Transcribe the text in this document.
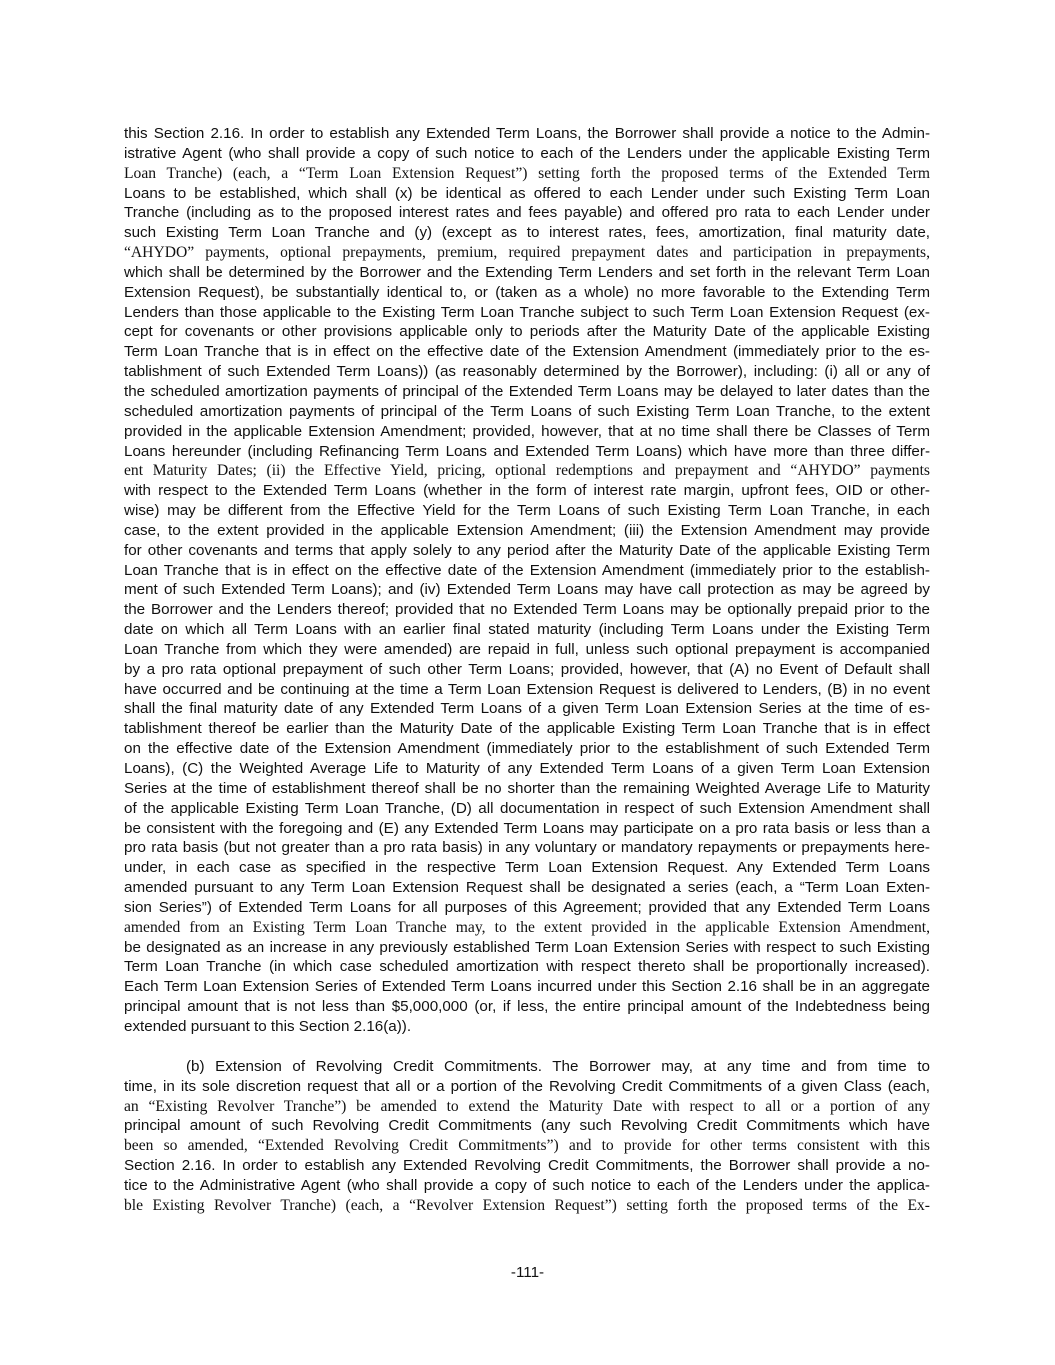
this Section 2.16. In order to establish any Extended Term Loans, the Borrower shall provide a notice to the Admin-
istrative Agent (who shall provide a copy of such notice to each of the Lenders under the applicable Existing Term
Loan Tranche) (each, a “Term Loan Extension Request”) setting forth the proposed terms of the Extended Term
Loans to be established, which shall (x) be identical as offered to each Lender under such Existing Term Loan
Tranche (including as to the proposed interest rates and fees payable) and offered pro rata to each Lender under
such Existing Term Loan Tranche and (y) (except as to interest rates, fees, amortization, final maturity date,
“AHYDO” payments, optional prepayments, premium, required prepayment dates and participation in prepayments,
which shall be determined by the Borrower and the Extending Term Lenders and set forth in the relevant Term Loan
Extension Request), be substantially identical to, or (taken as a whole) no more favorable to the Extending Term
Lenders than those applicable to the Existing Term Loan Tranche subject to such Term Loan Extension Request (ex-
cept for covenants or other provisions applicable only to periods after the Maturity Date of the applicable Existing
Term Loan Tranche that is in effect on the effective date of the Extension Amendment (immediately prior to the es-
tablishment of such Extended Term Loans)) (as reasonably determined by the Borrower), including: (i) all or any of
the scheduled amortization payments of principal of the Extended Term Loans may be delayed to later dates than the
scheduled amortization payments of principal of the Term Loans of such Existing Term Loan Tranche, to the extent
provided in the applicable Extension Amendment; provided, however, that at no time shall there be Classes of Term
Loans hereunder (including Refinancing Term Loans and Extended Term Loans) which have more than three differ-
ent Maturity Dates; (ii) the Effective Yield, pricing, optional redemptions and prepayment and “AHYDO” payments
with respect to the Extended Term Loans (whether in the form of interest rate margin, upfront fees, OID or other-
wise) may be different from the Effective Yield for the Term Loans of such Existing Term Loan Tranche, in each
case, to the extent provided in the applicable Extension Amendment; (iii) the Extension Amendment may provide
for other covenants and terms that apply solely to any period after the Maturity Date of the applicable Existing Term
Loan Tranche that is in effect on the effective date of the Extension Amendment (immediately prior to the establish-
ment of such Extended Term Loans); and (iv) Extended Term Loans may have call protection as may be agreed by
the Borrower and the Lenders thereof; provided that no Extended Term Loans may be optionally prepaid prior to the
date on which all Term Loans with an earlier final stated maturity (including Term Loans under the Existing Term
Loan Tranche from which they were amended) are repaid in full, unless such optional prepayment is accompanied
by a pro rata optional prepayment of such other Term Loans; provided, however, that (A) no Event of Default shall
have occurred and be continuing at the time a Term Loan Extension Request is delivered to Lenders, (B) in no event
shall the final maturity date of any Extended Term Loans of a given Term Loan Extension Series at the time of es-
tablishment thereof be earlier than the Maturity Date of the applicable Existing Term Loan Tranche that is in effect
on the effective date of the Extension Amendment (immediately prior to the establishment of such Extended Term
Loans), (C) the Weighted Average Life to Maturity of any Extended Term Loans of a given Term Loan Extension
Series at the time of establishment thereof shall be no shorter than the remaining Weighted Average Life to Maturity
of the applicable Existing Term Loan Tranche, (D) all documentation in respect of such Extension Amendment shall
be consistent with the foregoing and (E) any Extended Term Loans may participate on a pro rata basis or less than a
pro rata basis (but not greater than a pro rata basis) in any voluntary or mandatory repayments or prepayments here-
under, in each case as specified in the respective Term Loan Extension Request. Any Extended Term Loans
amended pursuant to any Term Loan Extension Request shall be designated a series (each, a “Term Loan Exten-
sion Series”) of Extended Term Loans for all purposes of this Agreement; provided that any Extended Term Loans
amended from an Existing Term Loan Tranche may, to the extent provided in the applicable Extension Amendment,
be designated as an increase in any previously established Term Loan Extension Series with respect to such Existing
Term Loan Tranche (in which case scheduled amortization with respect thereto shall be proportionally increased).
Each Term Loan Extension Series of Extended Term Loans incurred under this Section 2.16 shall be in an aggregate
principal amount that is not less than $5,000,000 (or, if less, the entire principal amount of the Indebtedness being
extended pursuant to this Section 2.16(a)).
(b) Extension of Revolving Credit Commitments. The Borrower may, at any time and from time to
time, in its sole discretion request that all or a portion of the Revolving Credit Commitments of a given Class (each,
an “Existing Revolver Tranche”) be amended to extend the Maturity Date with respect to all or a portion of any
principal amount of such Revolving Credit Commitments (any such Revolving Credit Commitments which have
been so amended, “Extended Revolving Credit Commitments”) and to provide for other terms consistent with this
Section 2.16. In order to establish any Extended Revolving Credit Commitments, the Borrower shall provide a no-
tice to the Administrative Agent (who shall provide a copy of such notice to each of the Lenders under the applica-
ble Existing Revolver Tranche) (each, a “Revolver Extension Request”) setting forth the proposed terms of the Ex-
-111-
